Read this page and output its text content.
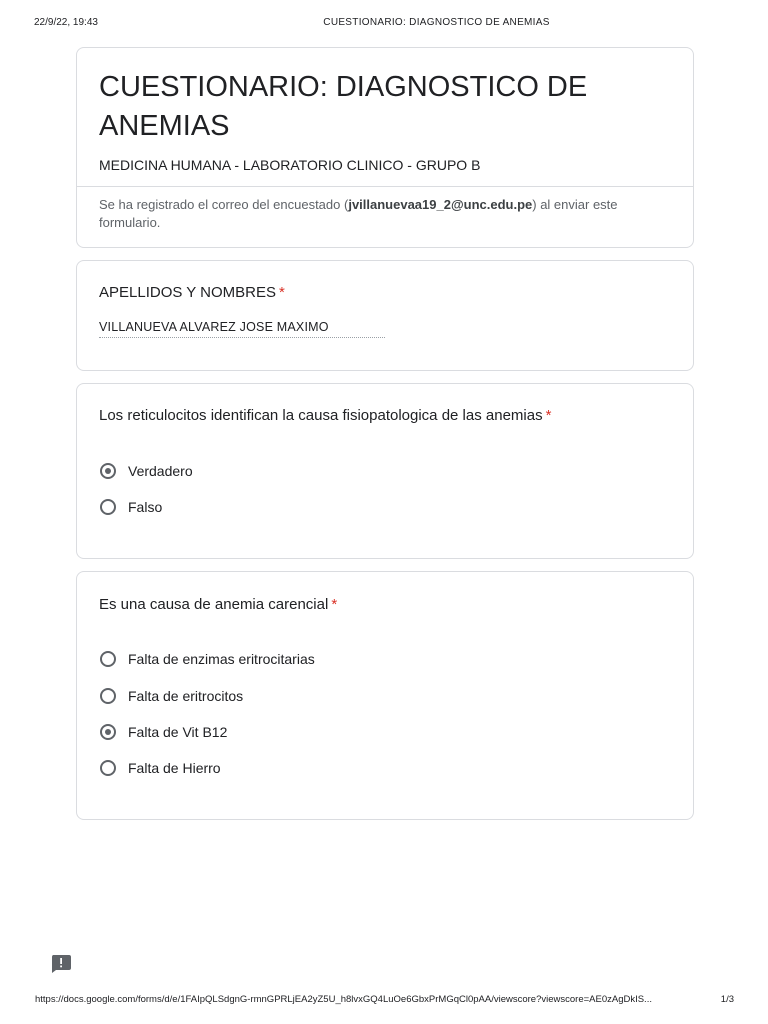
22/9/22, 19:43	CUESTIONARIO: DIAGNOSTICO DE ANEMIAS
CUESTIONARIO: DIAGNOSTICO DE ANEMIAS
MEDICINA HUMANA - LABORATORIO CLINICO - GRUPO B
Se ha registrado el correo del encuestado (jvillanuevaa19_2@unc.edu.pe) al enviar este formulario.
APELLIDOS Y NOMBRES *
VILLANUEVA ALVAREZ JOSE MAXIMO
Los reticulocitos identifican la causa fisiopatologica de las anemias *
Verdadero
Falso
Es una causa de anemia carencial *
Falta de enzimas eritrocitarias
Falta de eritrocitos
Falta de Vit B12
Falta de Hierro
https://docs.google.com/forms/d/e/1FAIpQLSdgnG-rmnGPRLjEA2yZ5U_h8lvxGQ4LuOe6GbxPrMGqCl0pAA/viewscore?viewscore=AE0zAgDkIS...	1/3
